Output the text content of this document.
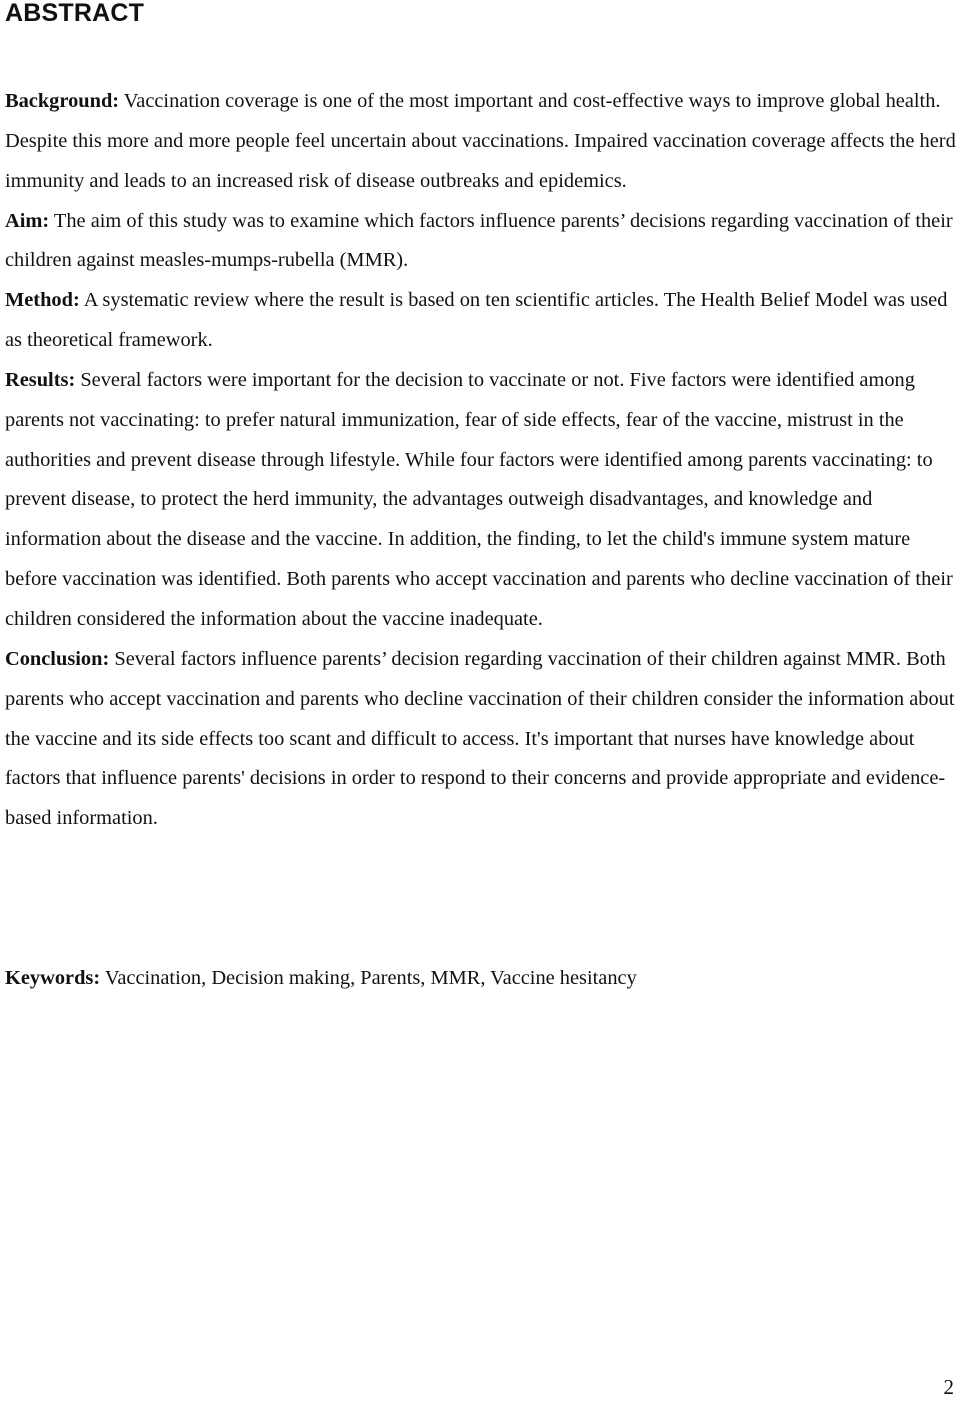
ABSTRACT

Background: Vaccination coverage is one of the most important and cost-effective ways to improve global health. Despite this more and more people feel uncertain about vaccinations. Impaired vaccination coverage affects the herd immunity and leads to an increased risk of disease outbreaks and epidemics.

Aim: The aim of this study was to examine which factors influence parents’ decisions regarding vaccination of their children against measles-mumps-rubella (MMR).

Method: A systematic review where the result is based on ten scientific articles. The Health Belief Model was used as theoretical framework.

Results: Several factors were important for the decision to vaccinate or not. Five factors were identified among parents not vaccinating: to prefer natural immunization, fear of side effects, fear of the vaccine, mistrust in the authorities and prevent disease through lifestyle. While four factors were identified among parents vaccinating: to prevent disease, to protect the herd immunity, the advantages outweigh disadvantages, and knowledge and information about the disease and the vaccine. In addition, the finding, to let the child's immune system mature before vaccination was identified. Both parents who accept vaccination and parents who decline vaccination of their children considered the information about the vaccine inadequate.

Conclusion: Several factors influence parents’ decision regarding vaccination of their children against MMR. Both parents who accept vaccination and parents who decline vaccination of their children consider the information about the vaccine and its side effects too scant and difficult to access. It's important that nurses have knowledge about factors that influence parents' decisions in order to respond to their concerns and provide appropriate and evidence-based information.

Keywords: Vaccination, Decision making, Parents, MMR, Vaccine hesitancy

2
